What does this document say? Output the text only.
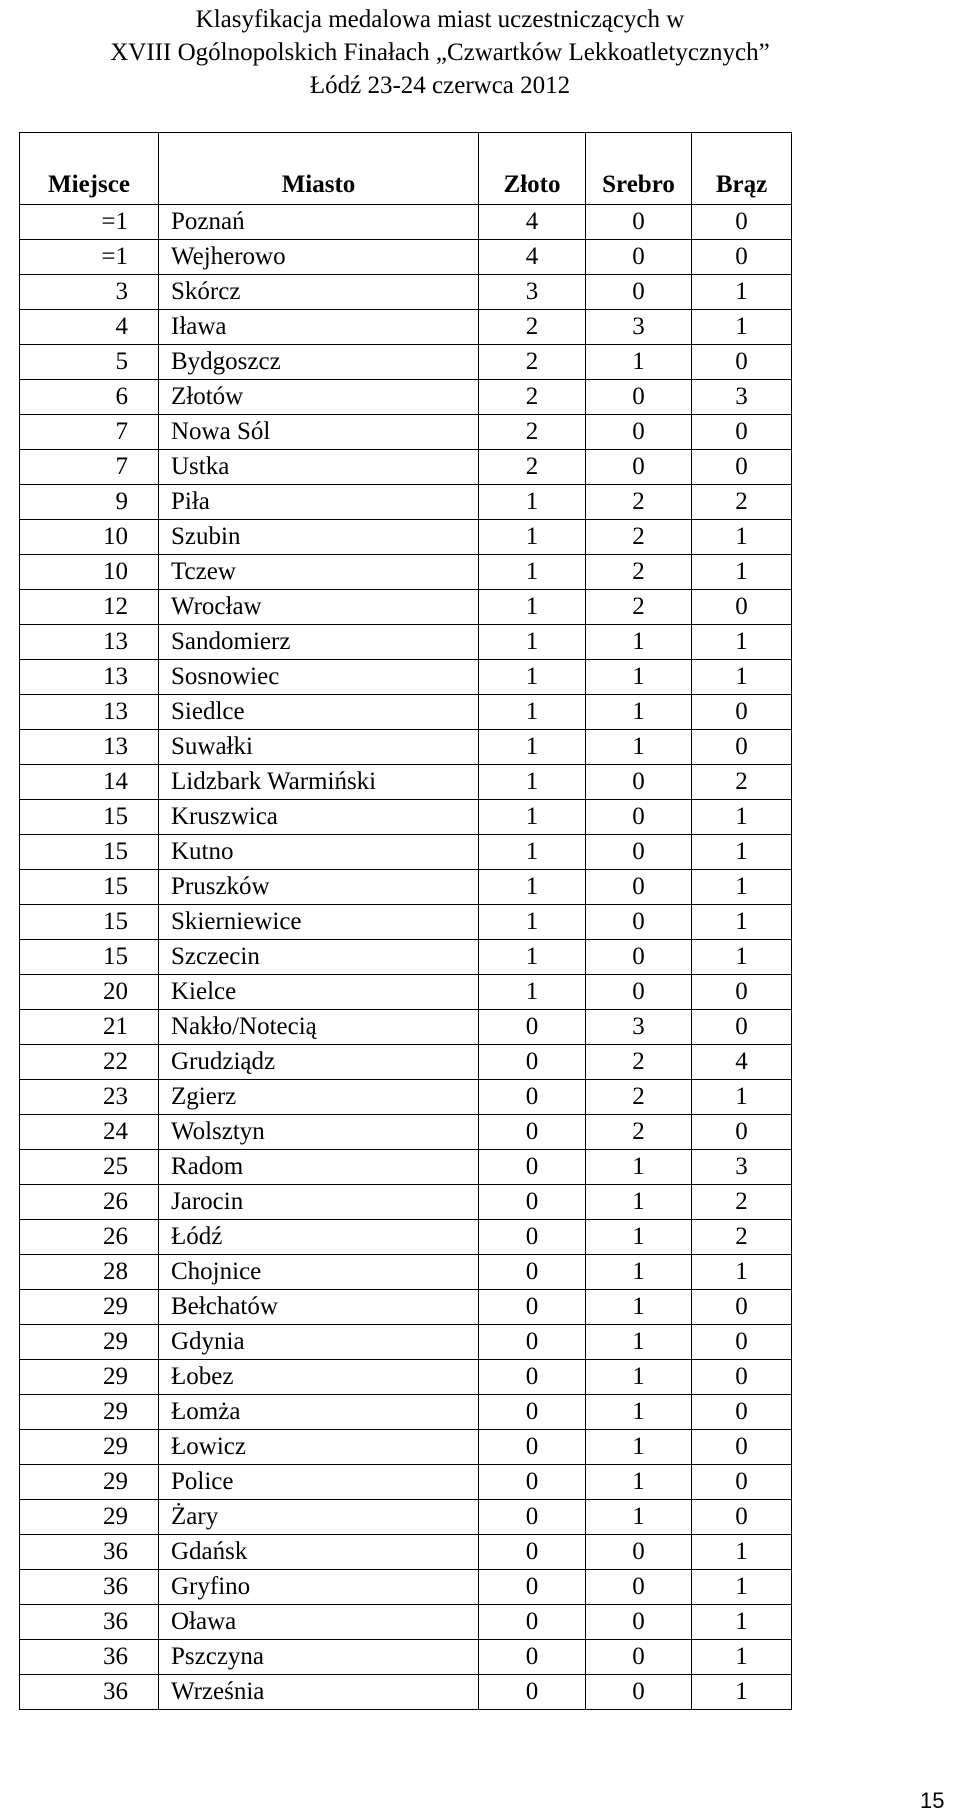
Klasyfikacja medalowa miast uczestniczących w
XVIII Ogólnopolskich Finałach „Czwartków Lekkoatletycznych”
Łódź 23-24 czerwca 2012
Miejsce	Miasto	Złoto	Srebro	Brąz
=1	Poznań	4	0	0
=1	Wejherowo	4	0	0
3	Skórcz	3	0	1
4	Iława	2	3	1
5	Bydgoszcz	2	1	0
6	Złotów	2	0	3
7	Nowa Sól	2	0	0
7	Ustka	2	0	0
9	Piła	1	2	2
10	Szubin	1	2	1
10	Tczew	1	2	1
12	Wrocław	1	2	0
13	Sandomierz	1	1	1
13	Sosnowiec	1	1	1
13	Siedlce	1	1	0
13	Suwałki	1	1	0
14	Lidzbark Warmiński	1	0	2
15	Kruszwica	1	0	1
15	Kutno	1	0	1
15	Pruszków	1	0	1
15	Skierniewice	1	0	1
15	Szczecin	1	0	1
20	Kielce	1	0	0
21	Nakło/Notecią	0	3	0
22	Grudziądz	0	2	4
23	Zgierz	0	2	1
24	Wolsztyn	0	2	0
25	Radom	0	1	3
26	Jarocin	0	1	2
26	Łódź	0	1	2
28	Chojnice	0	1	1
29	Bełchatów	0	1	0
29	Gdynia	0	1	0
29	Łobez	0	1	0
29	Łomża	0	1	0
29	Łowicz	0	1	0
29	Police	0	1	0
29	Żary	0	1	0
36	Gdańsk	0	0	1
36	Gryfino	0	0	1
36	Oława	0	0	1
36	Pszczyna	0	0	1
36	Września	0	0	1
15
